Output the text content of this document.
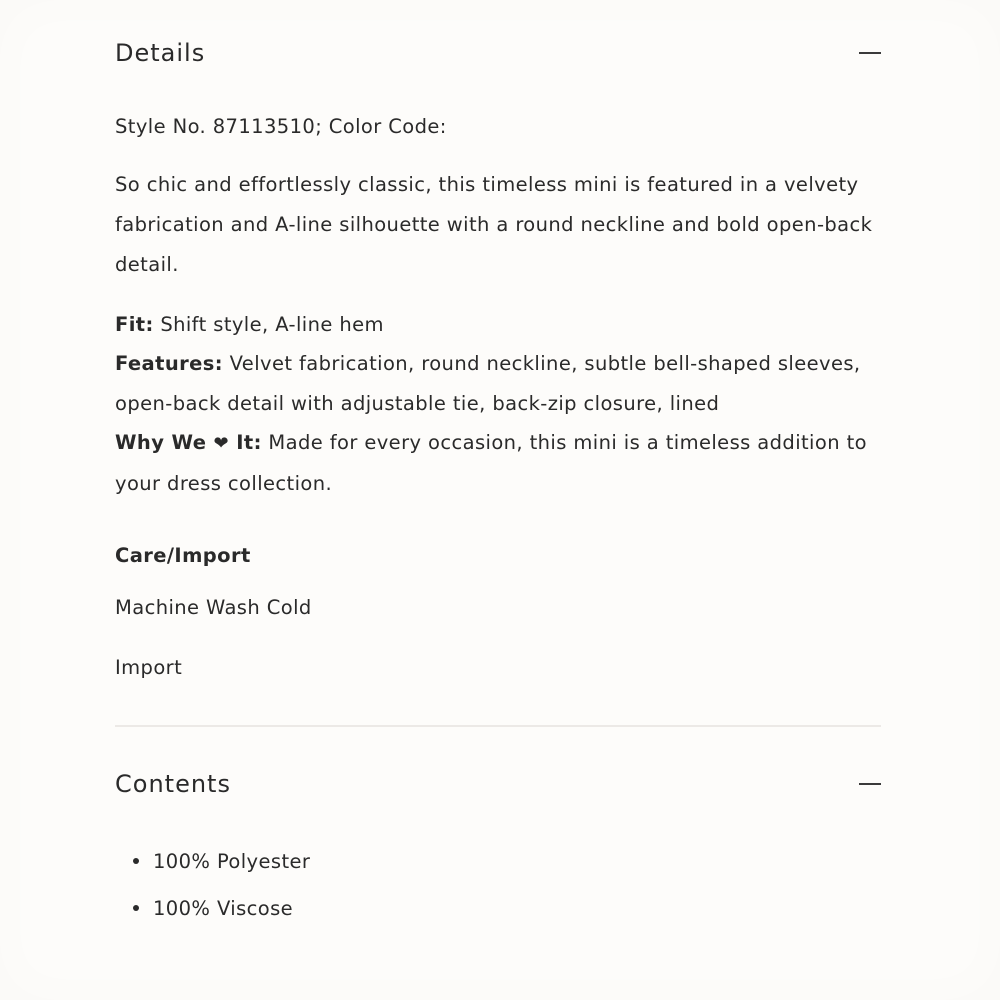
Details

Style No. 87113510; Color Code:

So chic and effortlessly classic, this timeless mini is featured in a velvety fabrication and A-line silhouette with a round neckline and bold open-back detail.

Fit: Shift style, A-line hem

Features: Velvet fabrication, round neckline, subtle bell-shaped sleeves, open-back detail with adjustable tie, back-zip closure, lined

Why We ❤ It: Made for every occasion, this mini is a timeless addition to your dress collection.

Care/Import

Machine Wash Cold

Import

Contents
100% Polyester
100% Viscose
